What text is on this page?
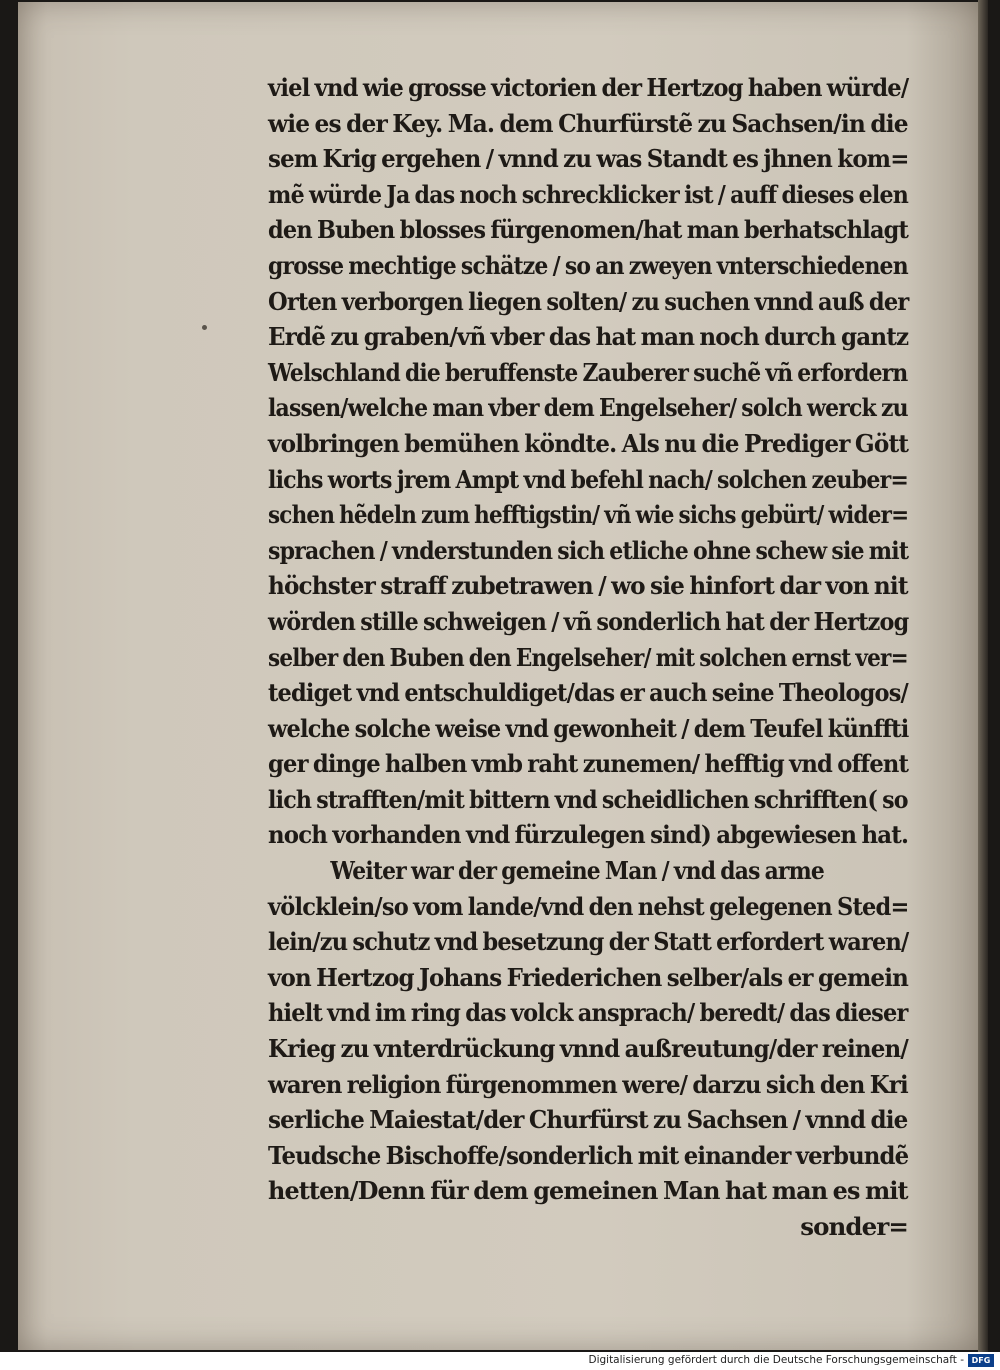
viel vnd wie grosse victorien der Hertzog haben würde/
wie es der Key. Ma. dem Churfürstẽ zu Sachsen/in die
sem Krig ergehen / vnnd zu was Standt es jhnen kom=
mẽ würde Ja das noch schrecklicker ist / auff dieses elen
den Buben blosses fürgenomen/hat man berhatschlagt
grosse mechtige schätze / so an zweyen vnterschiedenen
Orten verborgen liegen solten/ zu suchen vnnd auß der
Erdẽ zu graben/vñ vber das hat man noch durch gantz
Welschland die beruffenste Zauberer suchẽ vñ erfordern
lassen/welche man vber dem Engelseher/ solch werck zu
volbringen bemühen köndte. Als nu die Prediger Gött
lichs worts jrem Ampt vnd befehl nach/ solchen zeuber=
schen hẽdeln zum hefftigstin/ vñ wie sichs gebürt/ wider=
sprachen / vnderstunden sich etliche ohne schew sie mit
höchster straff zubetrawen / wo sie hinfort dar von nit
wörden stille schweigen / vñ sonderlich hat der Hertzog
selber den Buben den Engelseher/ mit solchen ernst ver=
tediget vnd entschuldiget/das er auch seine Theologos/
welche solche weise vnd gewonheit / dem Teufel künffti
ger dinge halben vmb raht zunemen/ hefftig vnd offent
lich strafften/mit bittern vnd scheidlichen schrifften( so
noch vorhanden vnd fürzulegen sind) abgewiesen hat.
Weiter war der gemeine Man / vnd das arme
völcklein/so vom lande/vnd den nehst gelegenen Sted=
lein/zu schutz vnd besetzung der Statt erfordert waren/
von Hertzog Johans Friederichen selber/als er gemein
hielt vnd im ring das volck ansprach/ beredt/ das dieser
Krieg zu vnterdrückung vnnd außreutung/der reinen/
waren religion fürgenommen were/ darzu sich den Kri
serliche Maiestat/der Churfürst zu Sachsen / vnnd die
Teudsche Bischoffe/sonderlich mit einander verbundẽ
hetten/Denn für dem gemeinen Man hat man es mit
sonder=
Digitalisierung gefördert durch die Deutsche Forschungsgemeinschaft - DFG
